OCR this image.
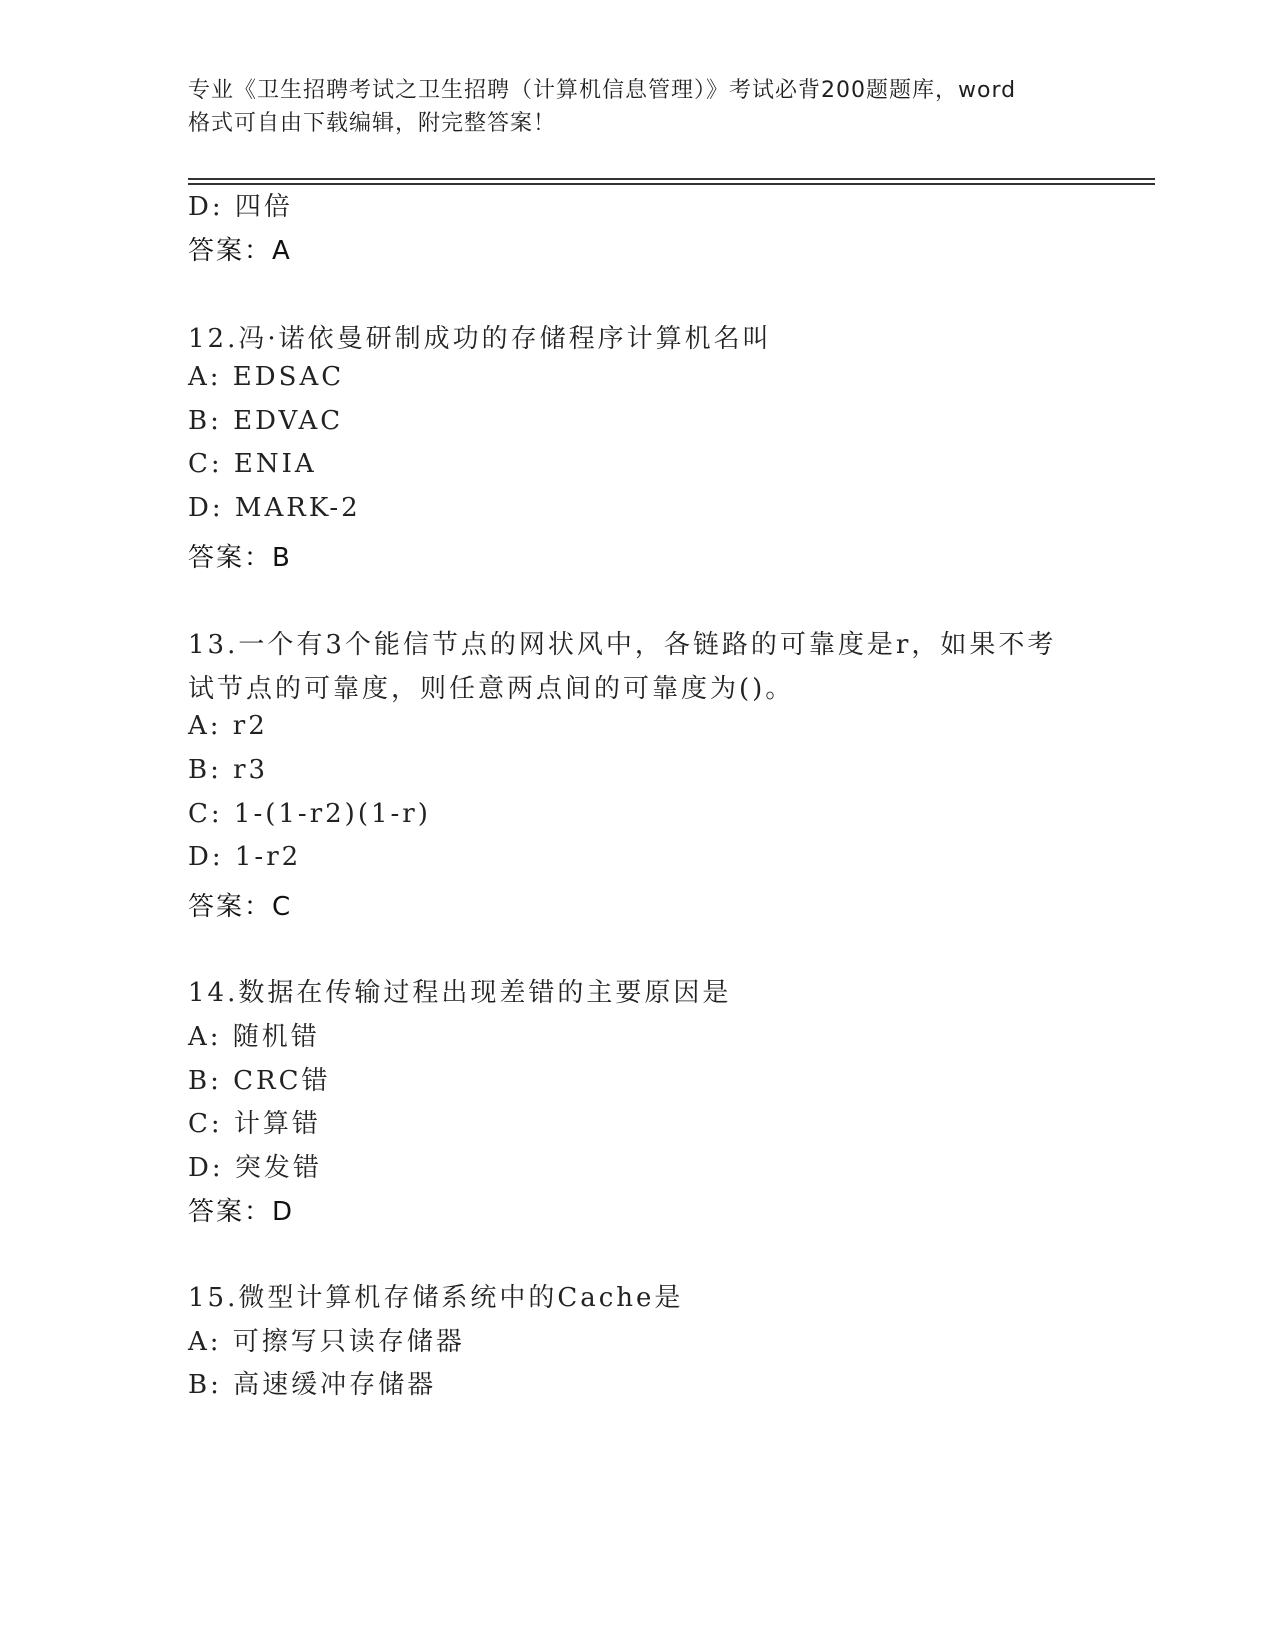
专业《卫生招聘考试之卫生招聘（计算机信息管理）》考试必背200题题库，word
格式可自由下载编辑，附完整答案！
D: 四倍
答案：A
12.冯·诺依曼研制成功的存储程序计算机名叫
A: EDSAC
B: EDVAC
C: ENIA
D: MARK-2
答案：B
13.一个有3个能信节点的网状风中，各链路的可靠度是r，如果不考
试节点的可靠度，则任意两点间的可靠度为()。
A: r2
B: r3
C: 1-(1-r2)(1-r)
D: 1-r2
答案：C
14.数据在传输过程出现差错的主要原因是
A: 随机错
B: CRC错
C: 计算错
D: 突发错
答案：D
15.微型计算机存储系统中的Cache是
A: 可擦写只读存储器
B: 高速缓冲存储器
